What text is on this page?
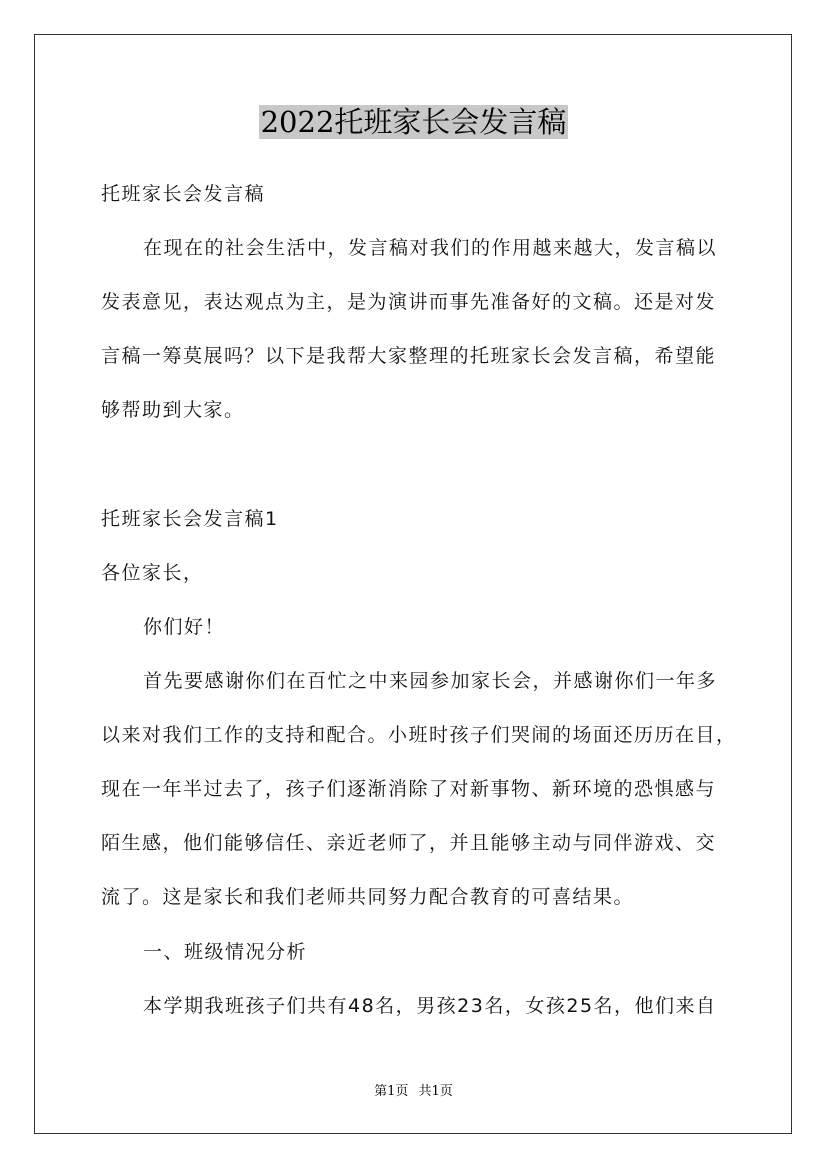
2022托班家长会发言稿
托班家长会发言稿
在现在的社会生活中，发言稿对我们的作用越来越大，发言稿以
发表意见，表达观点为主，是为演讲而事先准备好的文稿。还是对发
言稿一筹莫展吗？以下是我帮大家整理的托班家长会发言稿，希望能
够帮助到大家。
托班家长会发言稿1
各位家长，
你们好！
首先要感谢你们在百忙之中来园参加家长会，并感谢你们一年多
以来对我们工作的支持和配合。小班时孩子们哭闹的场面还历历在目，
现在一年半过去了，孩子们逐渐消除了对新事物、新环境的恐惧感与
陌生感，他们能够信任、亲近老师了，并且能够主动与同伴游戏、交
流了。这是家长和我们老师共同努力配合教育的可喜结果。
一、班级情况分析
本学期我班孩子们共有48名，男孩23名，女孩25名，他们来自
第1页 共1页
